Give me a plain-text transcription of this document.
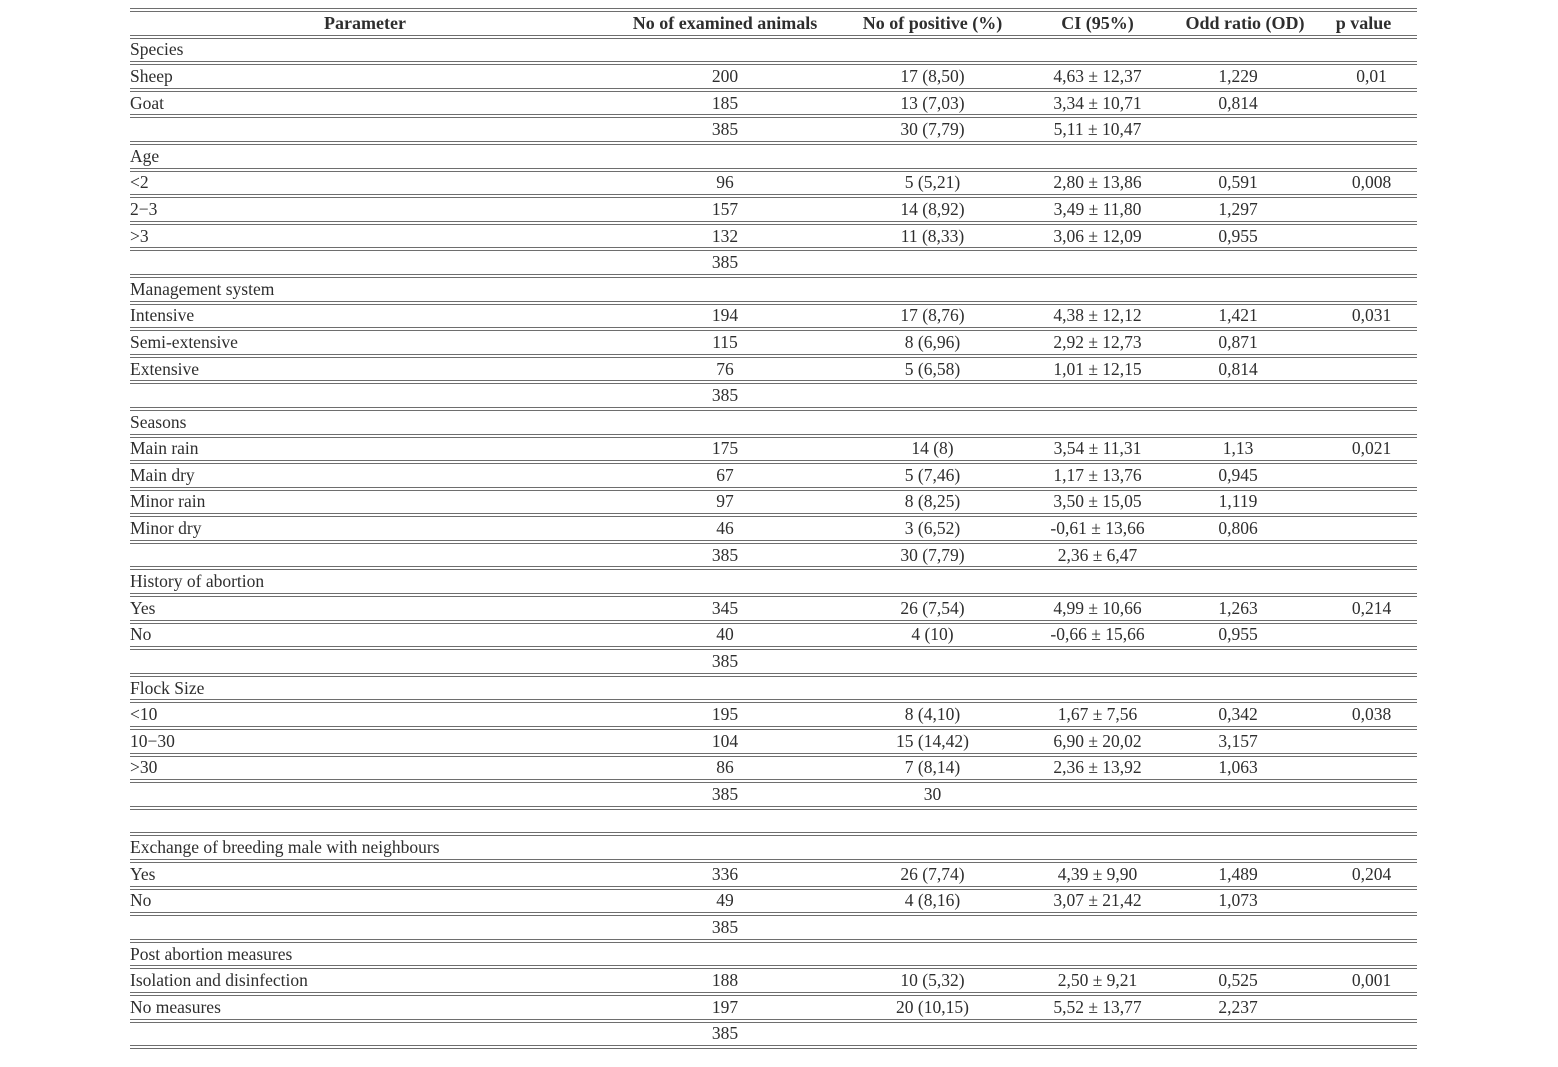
Parameter	No of examined animals	No of positive (%)	CI (95%)	Odd ratio (OD)	p value
Species					
Sheep	200	17 (8,50)	4,63 ± 12,37	1,229	0,01
Goat	185	13 (7,03)	3,34 ± 10,71	0,814	
	385	30 (7,79)	5,11 ± 10,47		
Age					
<2	96	5 (5,21)	2,80 ± 13,86	0,591	0,008
2−3	157	14 (8,92)	3,49 ± 11,80	1,297	
>3	132	11 (8,33)	3,06 ± 12,09	0,955	
	385				
Management system					
Intensive	194	17 (8,76)	4,38 ± 12,12	1,421	0,031
Semi-extensive	115	8 (6,96)	2,92 ± 12,73	0,871	
Extensive	76	5 (6,58)	1,01 ± 12,15	0,814	
	385				
Seasons					
Main rain	175	14 (8)	3,54 ± 11,31	1,13	0,021
Main dry	67	5 (7,46)	1,17 ± 13,76	0,945	
Minor rain	97	8 (8,25)	3,50 ± 15,05	1,119	
Minor dry	46	3 (6,52)	-0,61 ± 13,66	0,806	
	385	30 (7,79)	2,36 ± 6,47		
History of abortion					
Yes	345	26 (7,54)	4,99 ± 10,66	1,263	0,214
No	40	4 (10)	-0,66 ± 15,66	0,955	
	385				
Flock Size					
<10	195	8 (4,10)	1,67 ± 7,56	0,342	0,038
10−30	104	15 (14,42)	6,90 ± 20,02	3,157	
>30	86	7 (8,14)	2,36 ± 13,92	1,063	
	385	30			

Exchange of breeding male with neighbours					
Yes	336	26 (7,74)	4,39 ± 9,90	1,489	0,204
No	49	4 (8,16)	3,07 ± 21,42	1,073	
	385				
Post abortion measures					
Isolation and disinfection	188	10 (5,32)	2,50 ± 9,21	0,525	0,001
No measures	197	20 (10,15)	5,52 ± 13,77	2,237	
	385				
